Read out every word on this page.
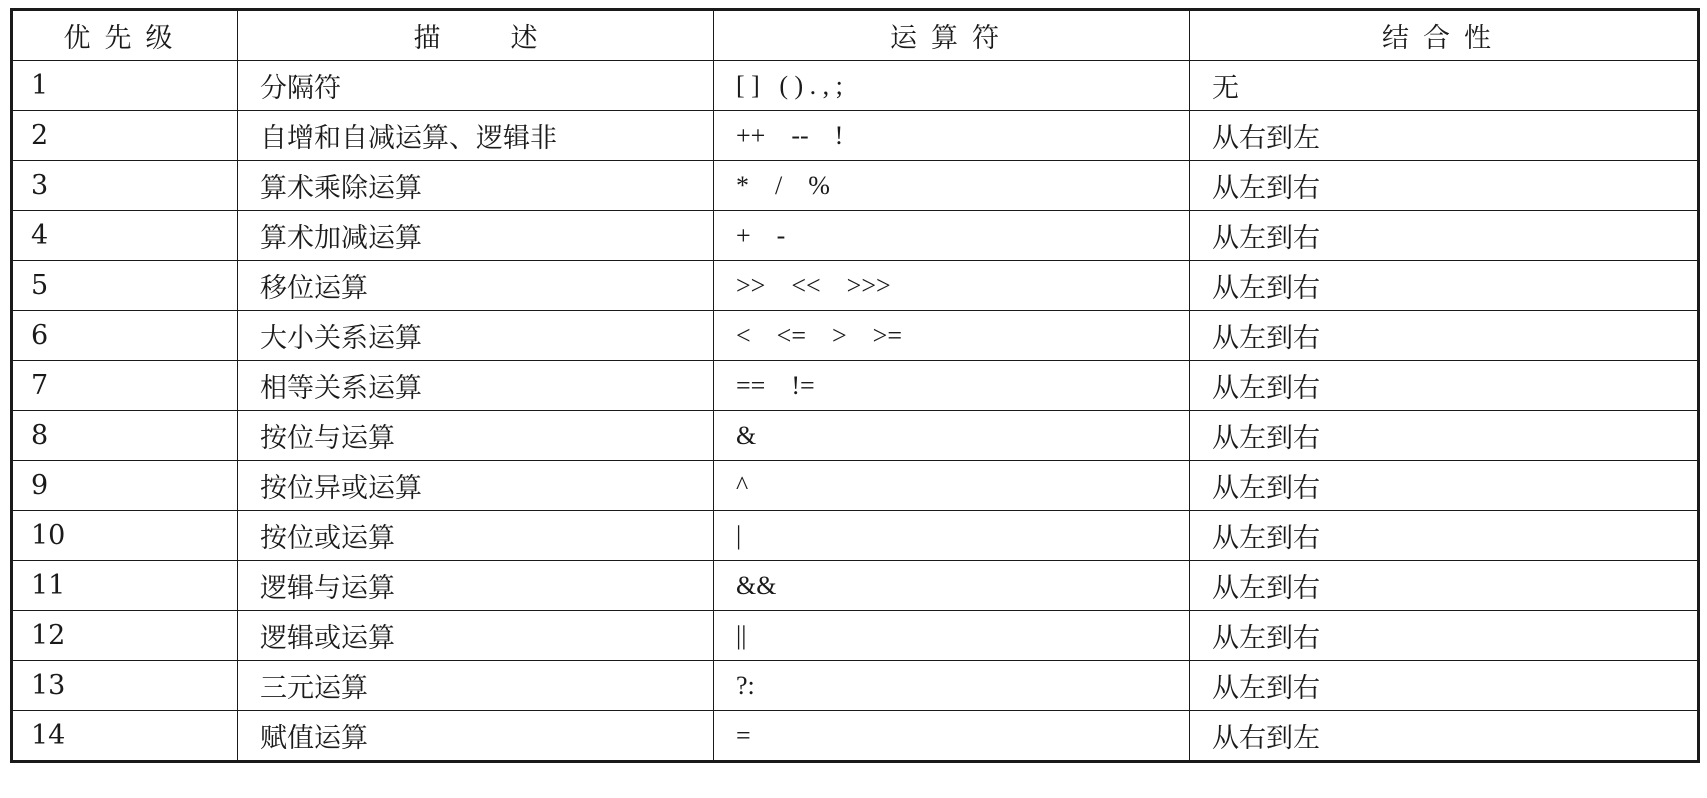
优先级	描述	运算符	结合性
1	分隔符	[ ]   ( ) . , ;	无
2	自增和自减运算、逻辑非	++    --    !	从右到左
3	算术乘除运算	*    /    %	从左到右
4	算术加减运算	+    -	从左到右
5	移位运算	>>    <<    >>>	从左到右
6	大小关系运算	<    <=    >    >=	从左到右
7	相等关系运算	==    !=	从左到右
8	按位与运算	&	从左到右
9	按位异或运算	^	从左到右
10	按位或运算	|	从左到右
11	逻辑与运算	&&	从左到右
12	逻辑或运算	||	从左到右
13	三元运算	?:	从左到右
14	赋值运算	=	从右到左
